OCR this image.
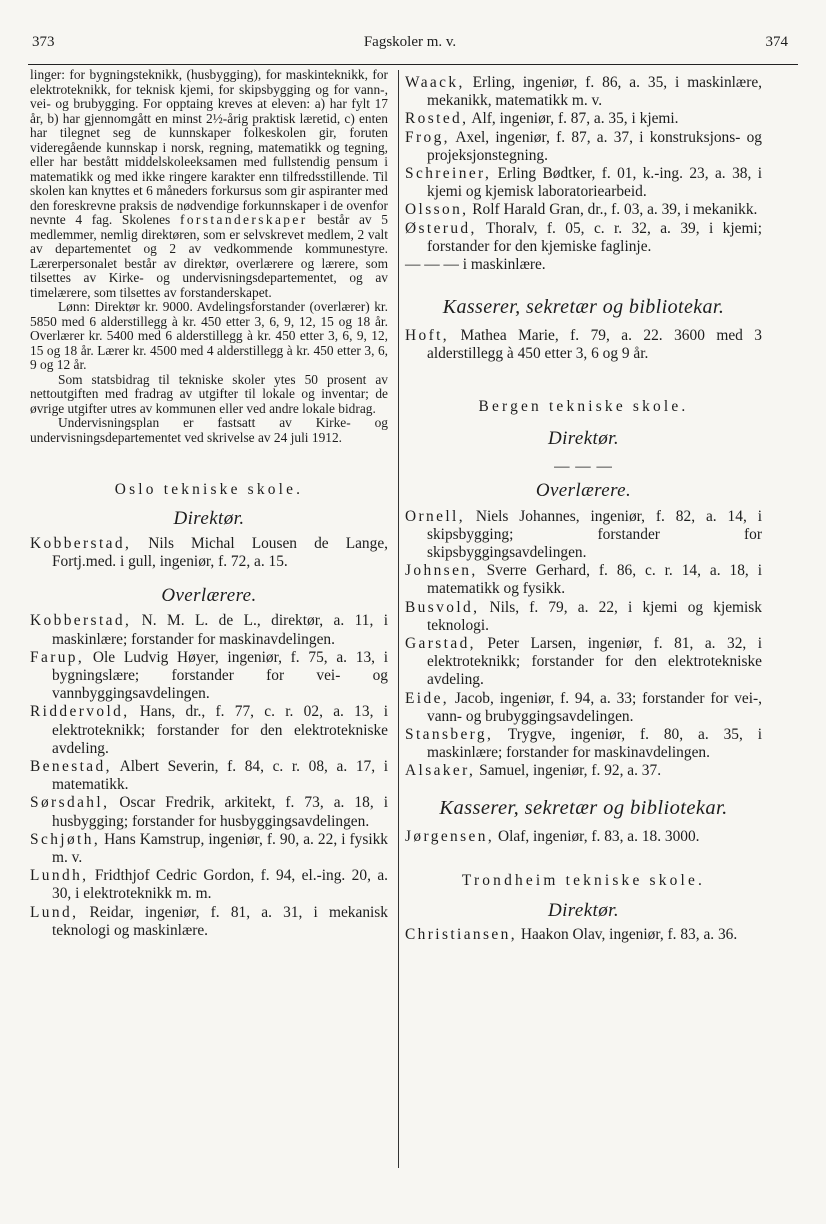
373	Fagskoler m. v.	374

linger: for bygningsteknikk, (husbygging), for maskinteknikk, for elektroteknikk, for teknisk kjemi, for skipsbygging og for vann-, vei- og brubygging. For opptaing kreves at eleven: a) har fylt 17 år, b) har gjennomgått en minst 2½-årig praktisk læretid, c) enten har tilegnet seg de kunnskaper folkeskolen gir, foruten videregående kunnskap i norsk, regning, matematikk og tegning, eller har bestått middelskoleeksamen med fullstendig pensum i matematikk og med ikke ringere karakter enn tilfredsstillende. Til skolen kan knyttes et 6 måneders forkursus som gir aspiranter med den foreskrevne praksis de nødvendige forkunnskaper i de ovenfor nevnte 4 fag. Skolenes forstanderskaper består av 5 medlemmer, nemlig direktøren, som er selvskrevet medlem, 2 valt av departementet og 2 av vedkommende kommunestyre. Lærerpersonalet består av direktør, overlærere og lærere, som tilsettes av Kirke- og undervisningsdepartementet, og av timelærere, som tilsettes av forstanderskapet.

Lønn: Direktør kr. 9000. Avdelingsforstander (overlærer) kr. 5850 med 6 alderstillegg à kr. 450 etter 3, 6, 9, 12, 15 og 18 år. Overlærer kr. 5400 med 6 alderstillegg à kr. 450 etter 3, 6, 9, 12, 15 og 18 år. Lærer kr. 4500 med 4 alderstillegg à kr. 450 etter 3, 6, 9 og 12 år.

Som statsbidrag til tekniske skoler ytes 50 prosent av nettoutgiften med fradrag av utgifter til lokale og inventar; de øvrige utgifter utres av kommunen eller ved andre lokale bidrag.

Undervisningsplan er fastsatt av Kirke- og undervisningsdepartementet ved skrivelse av 24 juli 1912.

Oslo tekniske skole.

Direktør.

Kobberstad, Nils Michal Lousen de Lange, Fortj.med. i gull, ingeniør, f. 72, a. 15.

Overlærere.

Kobberstad, N. M. L. de L., direktør, a. 11, i maskinlære; forstander for maskinavdelingen.

Farup, Ole Ludvig Høyer, ingeniør, f. 75, a. 13, i bygningslære; forstander for vei- og vannbyggingsavdelingen.

Riddervold, Hans, dr., f. 77, c. r. 02, a. 13, i elektroteknikk; forstander for den elektrotekniske avdeling.

Benestad, Albert Severin, f. 84, c. r. 08, a. 17, i matematikk.

Sørsdahl, Oscar Fredrik, arkitekt, f. 73, a. 18, i husbygging; forstander for husbyggingsavdelingen.

Schjøth, Hans Kamstrup, ingeniør, f. 90, a. 22, i fysikk m. v.

Lundh, Fridthjof Cedric Gordon, f. 94, el.-ing. 20, a. 30, i elektroteknikk m. m.

Lund, Reidar, ingeniør, f. 81, a. 31, i mekanisk teknologi og maskinlære.

Waack, Erling, ingeniør, f. 86, a. 35, i maskinlære, mekanikk, matematikk m. v.

Rosted, Alf, ingeniør, f. 87, a. 35, i kjemi.

Frog, Axel, ingeniør, f. 87, a. 37, i konstruksjons- og projeksjonstegning.

Schreiner, Erling Bødtker, f. 01, k.-ing. 23, a. 38, i kjemi og kjemisk laboratoriearbeid.

Olsson, Rolf Harald Gran, dr., f. 03, a. 39, i mekanikk.

Østerud, Thoralv, f. 05, c. r. 32, a. 39, i kjemi; forstander for den kjemiske faglinje.

— — — i maskinlære.

Kasserer, sekretær og bibliotekar.

Hoft, Mathea Marie, f. 79, a. 22. 3600 med 3 alderstillegg à 450 etter 3, 6 og 9 år.

Bergen tekniske skole.

Direktør.

— — —

Overlærere.

Ornell, Niels Johannes, ingeniør, f. 82, a. 14, i skipsbygging; forstander for skipsbyggingsavdelingen.

Johnsen, Sverre Gerhard, f. 86, c. r. 14, a. 18, i matematikk og fysikk.

Busvold, Nils, f. 79, a. 22, i kjemi og kjemisk teknologi.

Garstad, Peter Larsen, ingeniør, f. 81, a. 32, i elektroteknikk; forstander for den elektrotekniske avdeling.

Eide, Jacob, ingeniør, f. 94, a. 33; forstander for vei-, vann- og brubyggingsavdelingen.

Stansberg, Trygve, ingeniør, f. 80, a. 35, i maskinlære; forstander for maskinavdelingen.

Alsaker, Samuel, ingeniør, f. 92, a. 37.

Kasserer, sekretær og bibliotekar.

Jørgensen, Olaf, ingeniør, f. 83, a. 18. 3000.

Trondheim tekniske skole.

Direktør.

Christiansen, Haakon Olav, ingeniør, f. 83, a. 36.
